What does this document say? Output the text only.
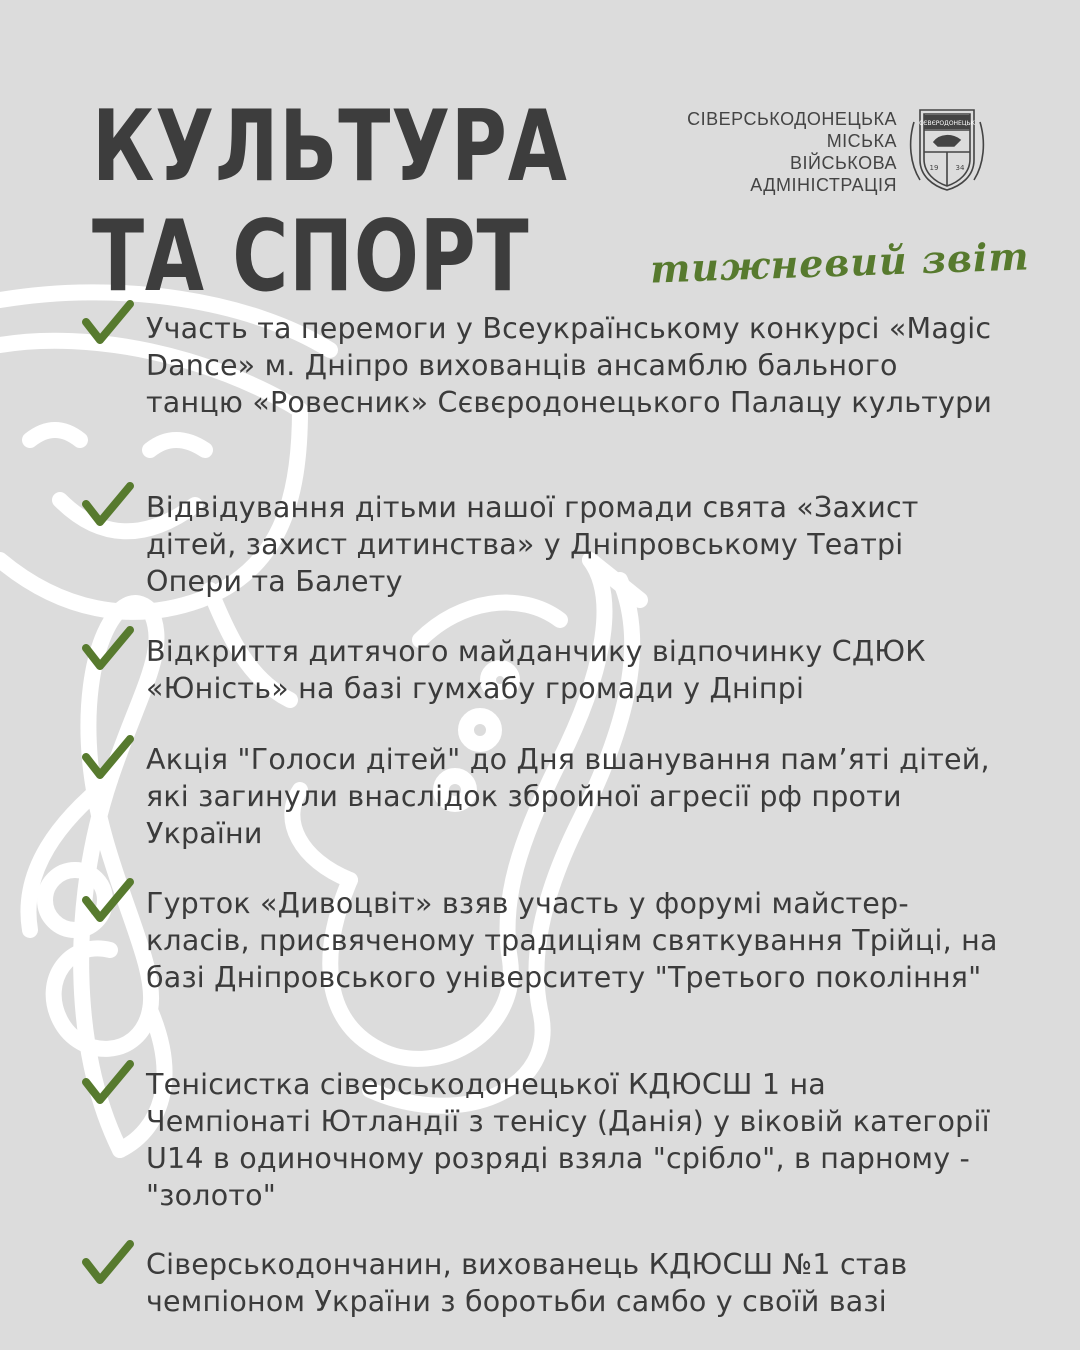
КУЛЬТУРА
ТА СПОРТ
СІВЕРСЬКОДОНЕЦЬКА
МІСЬКА
ВІЙСЬКОВА
АДМІНІСТРАЦІЯ
СЄВЄРОДОНЕЦЬК
19 34
тижневий звіт
Участь та перемоги у Всеукраїнському конкурсі «Magic Dance» м. Дніпро вихованців ансамблю бального танцю «Ровесник» Сєвєродонецького Палацу культури
Відвідування дітьми нашої громади свята «Захист дітей, захист дитинства» у Дніпровському Театрі Опери та Балету
Відкриття дитячого майданчику відпочинку СДЮК «Юність» на базі гумхабу громади у Дніпрі
Акція "Голоси дітей" до Дня вшанування пам’яті дітей, які загинули внаслідок збройної агресії рф проти України
Гурток «Дивоцвіт» взяв участь у форумі майстер-класів, присвяченому традиціям святкування Трійці, на базі Дніпровського університету "Третього покоління"
Тенісистка сіверськодонецької КДЮСШ 1 на Чемпіонаті Ютландії з тенісу (Данія) у віковій категорії U14 в одиночному розряді взяла "срібло", в парному - "золото"
Сіверськодончанин, вихованець КДЮСШ №1 став чемпіоном України з боротьби самбо у своїй вазі
